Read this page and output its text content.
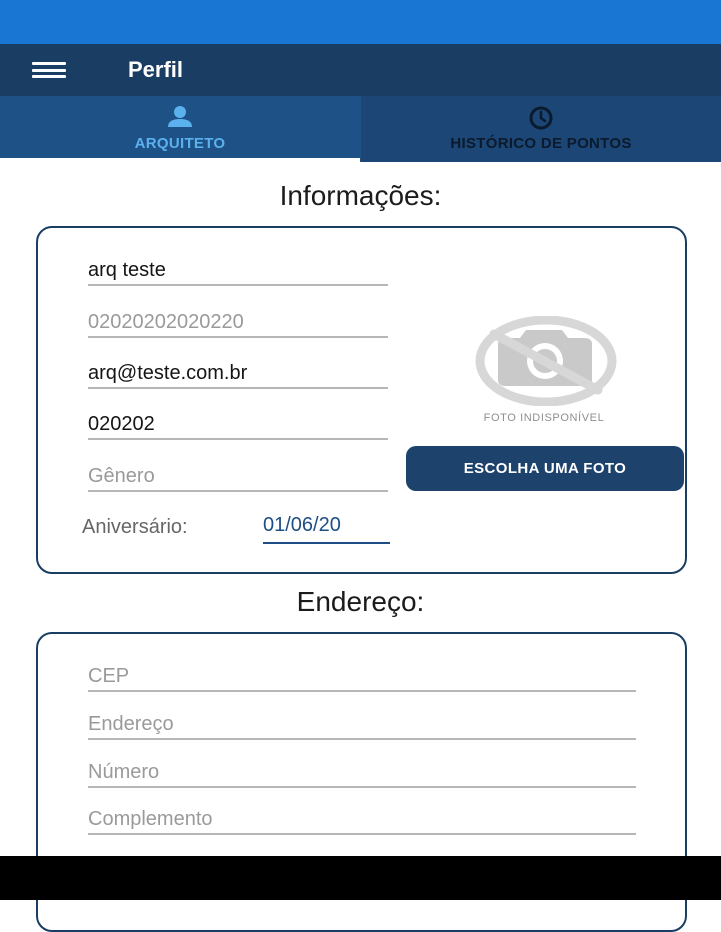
Perfil
ARQUITETO	HISTÓRICO DE PONTOS
Informações:
arq teste
02020202020220
arq@teste.com.br
020202
Gênero
Aniversário:	01/06/20
FOTO INDISPONÍVEL
ESCOLHA UMA FOTO
Endereço:
CEP
Endereço
Número
Complemento
